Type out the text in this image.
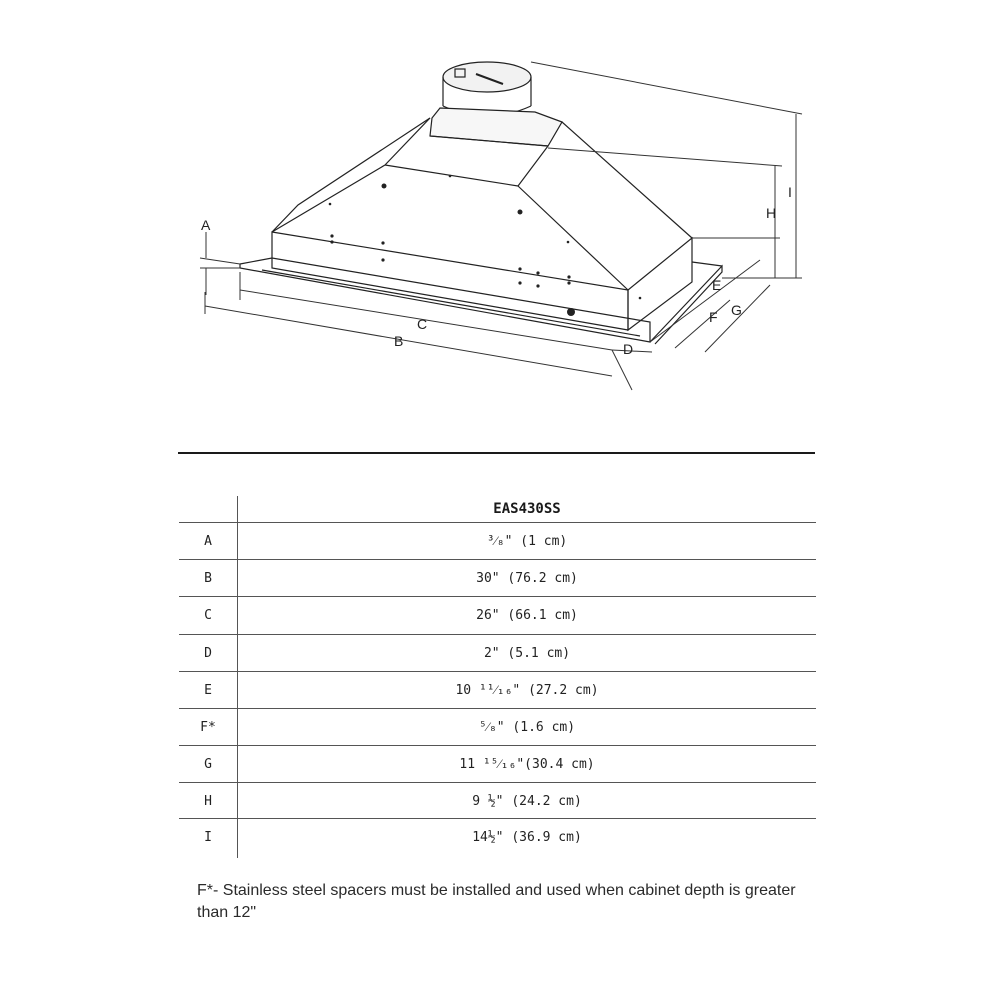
A
B
C
D
E
F G
H
I
EAS430SS
A	³⁄₈" (1 cm)
B	30" (76.2 cm)
C	26" (66.1 cm)
D	2" (5.1 cm)
E	10 ¹¹⁄₁₆" (27.2 cm)
F*	⁵⁄₈" (1.6 cm)
G	11 ¹⁵⁄₁₆"(30.4 cm)
H	9 ½" (24.2 cm)
I	14½" (36.9 cm)
F*- Stainless steel spacers must be installed and used when cabinet depth is greater than 12"
